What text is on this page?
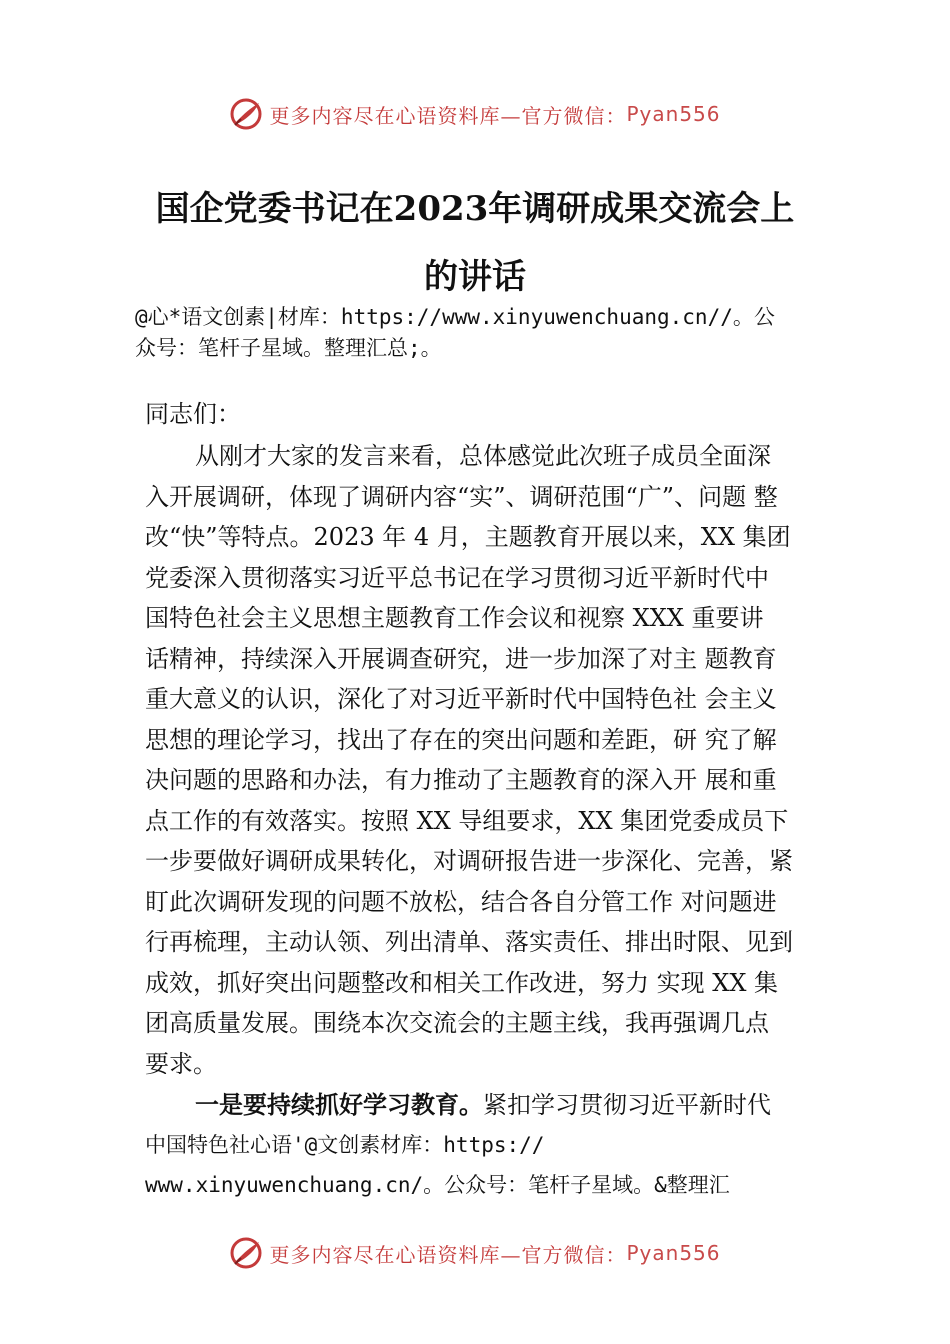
更多内容尽在心语资料库—官方微信： Pyan556
国企党委书记在2023年调研成果交流会上
的讲话
@心*语文创素|材库：https://www.xinyuwenchuang.cn//。公
众号：笔杆子星域。整理汇总;。
同志们：
从刚才大家的发言来看，总体感觉此次班子成员全面深
入开展调研，体现了调研内容“实”、调研范围“广”、问题 整
改“快”等特点。2023 年 4 月，主题教育开展以来，XX 集团
党委深入贯彻落实习近平总书记在学习贯彻习近平新时代中
国特色社会主义思想主题教育工作会议和视察 XXX 重要讲
话精神，持续深入开展调查研究，进一步加深了对主 题教育
重大意义的认识，深化了对习近平新时代中国特色社 会主义
思想的理论学习，找出了存在的突出问题和差距，研 究了解
决问题的思路和办法，有力推动了主题教育的深入开 展和重
点工作的有效落实。按照 XX 导组要求，XX 集团党委成员下
一步要做好调研成果转化，对调研报告进一步深化、完善，紧
盯此次调研发现的问题不放松，结合各自分管工作 对问题进
行再梳理，主动认领、列出清单、落实责任、排出时限、见到
成效，抓好突出问题整改和相关工作改进，努力 实现 XX 集
团高质量发展。围绕本次交流会的主题主线，我再强调几点
要求。
一是要持续抓好学习教育。紧扣学习贯彻习近平新时代
中国特色社心语'@文创素材库：https://
www.xinyuwenchuang.cn/。公众号：笔杆子星域。&整理汇
更多内容尽在心语资料库—官方微信： Pyan556
